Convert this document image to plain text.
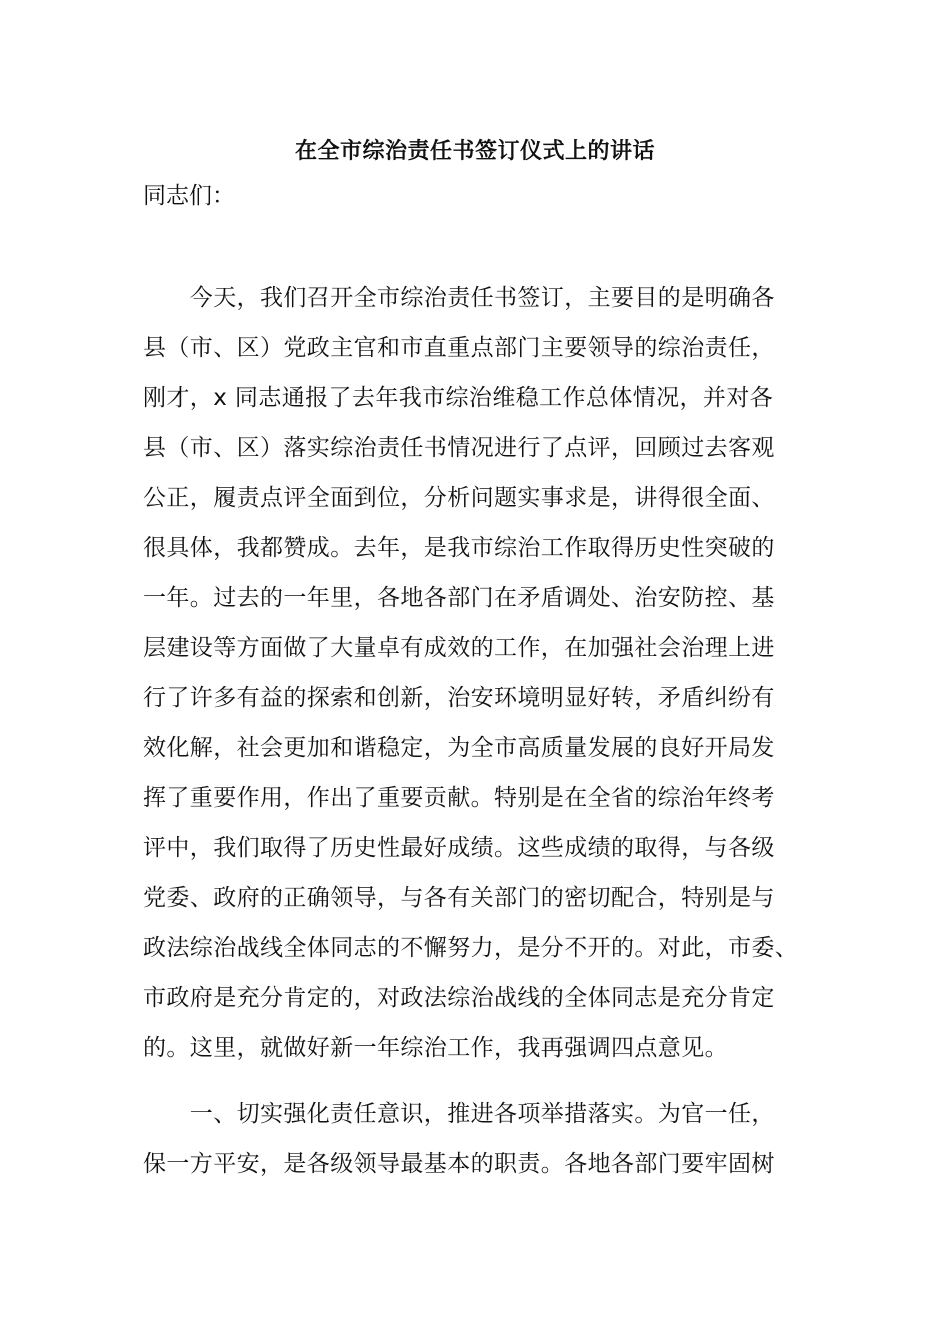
在全市综治责任书签订仪式上的讲话
同志们：
　　今天，我们召开全市综治责任书签订，主要目的是明确各
县（市、区）党政主官和市直重点部门主要领导的综治责任，
刚才，x 同志通报了去年我市综治维稳工作总体情况，并对各
县（市、区）落实综治责任书情况进行了点评，回顾过去客观
公正，履责点评全面到位，分析问题实事求是，讲得很全面、
很具体，我都赞成。去年，是我市综治工作取得历史性突破的
一年。过去的一年里，各地各部门在矛盾调处、治安防控、基
层建设等方面做了大量卓有成效的工作，在加强社会治理上进
行了许多有益的探索和创新，治安环境明显好转，矛盾纠纷有
效化解，社会更加和谐稳定，为全市高质量发展的良好开局发
挥了重要作用，作出了重要贡献。特别是在全省的综治年终考
评中，我们取得了历史性最好成绩。这些成绩的取得，与各级
党委、政府的正确领导，与各有关部门的密切配合，特别是与
政法综治战线全体同志的不懈努力，是分不开的。对此，市委、
市政府是充分肯定的，对政法综治战线的全体同志是充分肯定
的。这里，就做好新一年综治工作，我再强调四点意见。
　　一、切实强化责任意识，推进各项举措落实。为官一任，
保一方平安，是各级领导最基本的职责。各地各部门要牢固树
